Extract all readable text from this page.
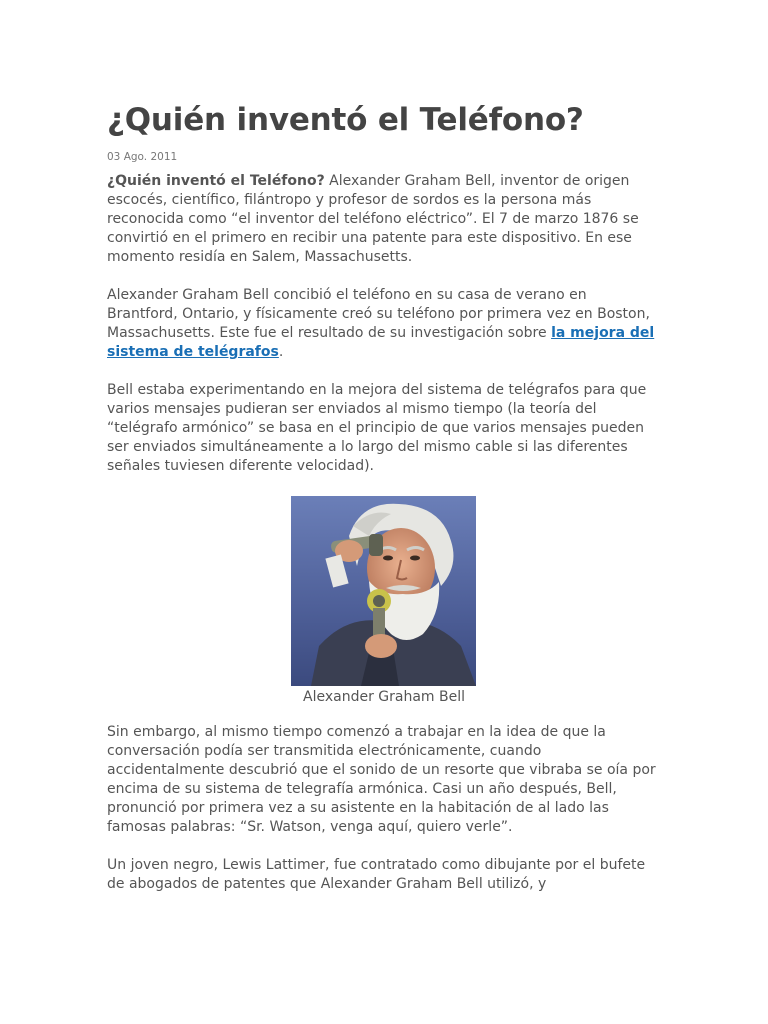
¿Quién inventó el Teléfono?
03 Ago. 2011

¿Quién inventó el Teléfono? Alexander Graham Bell, inventor de origen escocés, científico, filántropo y profesor de sordos es la persona más reconocida como “el inventor del teléfono eléctrico”. El 7 de marzo 1876 se convirtió en el primero en recibir una patente para este dispositivo. En ese momento residía en Salem, Massachusetts.

Alexander Graham Bell concibió el teléfono en su casa de verano en Brantford, Ontario, y físicamente creó su teléfono por primera vez en Boston, Massachusetts. Este fue el resultado de su investigación sobre la mejora del sistema de telégrafos.

Bell estaba experimentando en la mejora del sistema de telégrafos para que varios mensajes pudieran ser enviados al mismo tiempo (la teoría del “telégrafo armónico” se basa en el principio de que varios mensajes pueden ser enviados simultáneamente a lo largo del mismo cable si las diferentes señales tuviesen diferente velocidad).

Sin embargo, al mismo tiempo comenzó a trabajar en la idea de que la conversación podía ser transmitida electrónicamente, cuando accidentalmente descubrió que el sonido de un resorte que vibraba se oía por encima de su sistema de telegrafía armónica. Casi un año después, Bell, pronunció por primera vez a su asistente en la habitación de al lado las famosas palabras: “Sr. Watson, venga aquí, quiero verle”.

Un joven negro, Lewis Lattimer, fue contratado como dibujante por el bufete de abogados de patentes que Alexander Graham Bell utilizó, y

Alexander Graham Bell
